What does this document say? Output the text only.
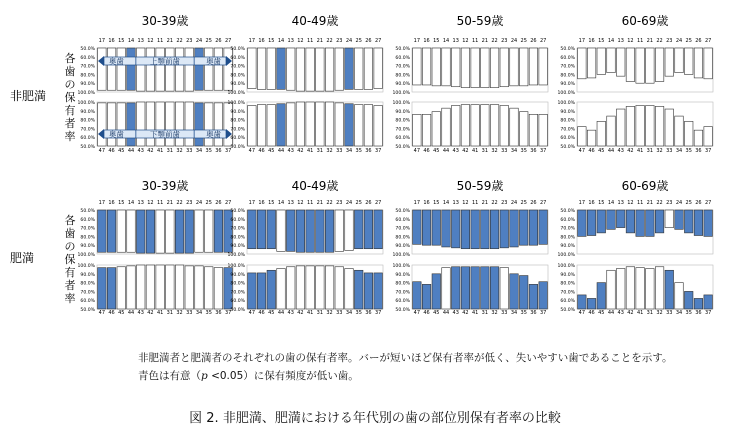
非肥満
各
歯
の
保
有
者
率
肥満
各
歯
の
保
有
者
率
30-39歳
50.0%
60.0%
70.0%
80.0%
90.0%
100.0%
100.0%
90.0%
80.0%
70.0%
60.0%
50.0%
17
47
16
46
15
45
14
44
13
43
12
42
11
41
21
31
22
32
23
33
24
34
25
35
26
36
27
37
奥歯	上顎前歯	奥歯
奥歯	下顎前歯	奥歯
40-49歳
50.0%
60.0%
70.0%
80.0%
90.0%
100.0%
100.0%
90.0%
80.0%
70.0%
60.0%
50.0%
17
47
16
46
15
45
14
44
13
43
12
42
11
41
21
31
22
32
23
33
24
34
25
35
26
36
27
37
50-59歳
50.0%
60.0%
70.0%
80.0%
90.0%
100.0%
100.0%
90.0%
80.0%
70.0%
60.0%
50.0%
17
47
16
46
15
45
14
44
13
43
12
42
11
41
21
31
22
32
23
33
24
34
25
35
26
36
27
37
60-69歳
50.0%
60.0%
70.0%
80.0%
90.0%
100.0%
100.0%
90.0%
80.0%
70.0%
60.0%
50.0%
17
47
16
46
15
45
14
44
13
43
12
42
11
41
21
31
22
32
23
33
24
34
25
35
26
36
27
37
30-39歳
50.0%
60.0%
70.0%
80.0%
90.0%
100.0%
100.0%
90.0%
80.0%
70.0%
60.0%
50.0%
17
47
16
46
15
45
14
44
13
43
12
42
11
41
21
31
22
32
23
33
24
34
25
35
26
36
27
37
40-49歳
50.0%
60.0%
70.0%
80.0%
90.0%
100.0%
100.0%
90.0%
80.0%
70.0%
60.0%
50.0%
17
47
16
46
15
45
14
44
13
43
12
42
11
41
21
31
22
32
23
33
24
34
25
35
26
36
27
37
50-59歳
50.0%
60.0%
70.0%
80.0%
90.0%
100.0%
100.0%
90.0%
80.0%
70.0%
60.0%
50.0%
17
47
16
46
15
45
14
44
13
43
12
42
11
41
21
31
22
32
23
33
24
34
25
35
26
36
27
37
60-69歳
50.0%
60.0%
70.0%
80.0%
90.0%
100.0%
100.0%
90.0%
80.0%
70.0%
60.0%
50.0%
17
47
16
46
15
45
14
44
13
43
12
42
11
41
21
31
22
32
23
33
24
34
25
35
26
36
27
37
非肥満者と肥満者のそれぞれの歯の保有者率。バーが短いほど保有者率が低く、失いやすい歯であることを示す。
青色は有意（p <0.05）に保有頻度が低い歯。
図 2. 非肥満、肥満における年代別の歯の部位別保有者率の比較
